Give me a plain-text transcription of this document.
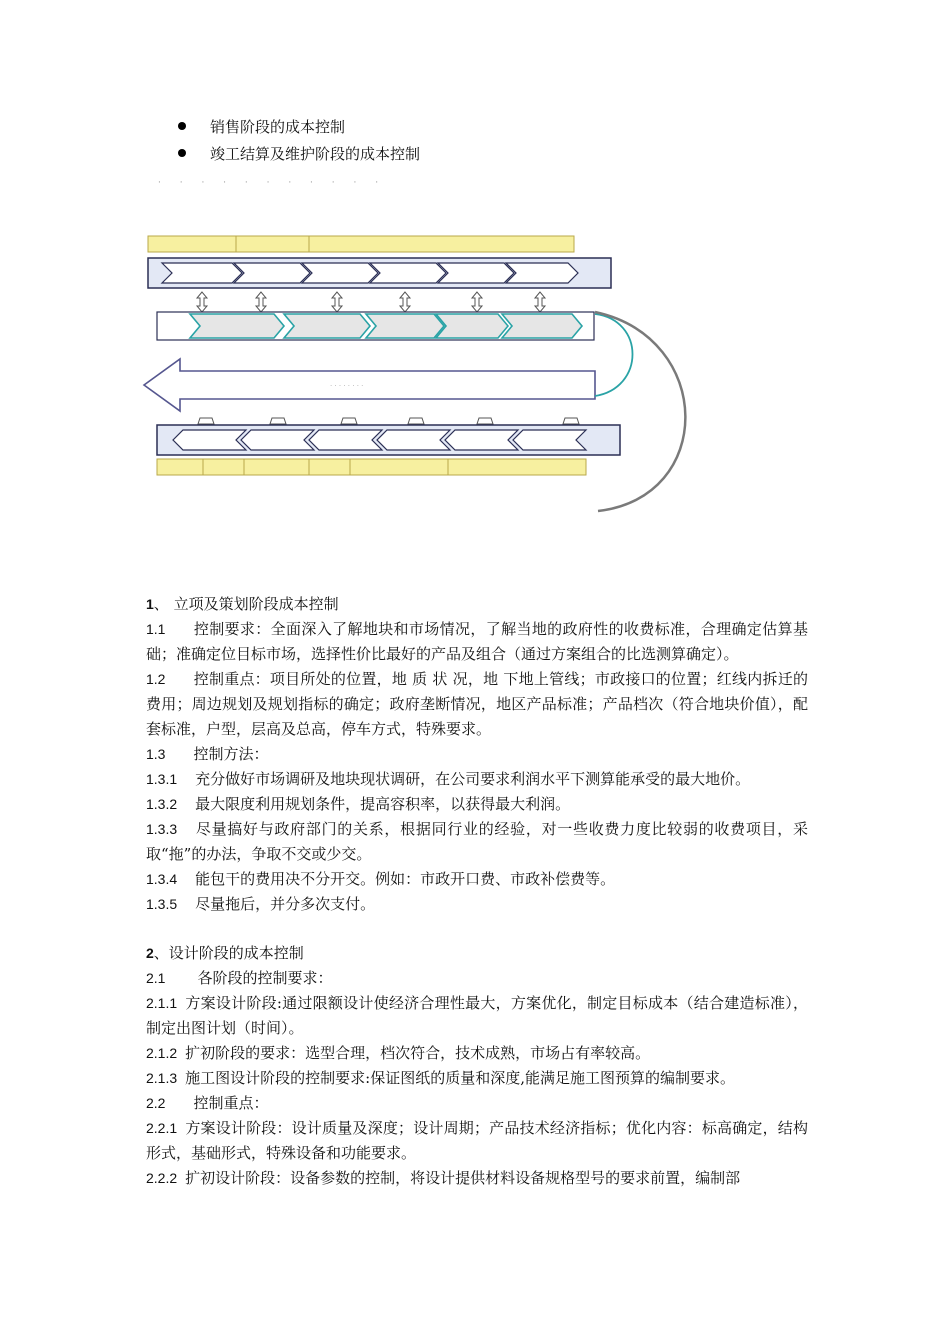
销售阶段的成本控制
竣工结算及维护阶段的成本控制
· · · · · · · · · · ·
· · · · · · · ·

1、 立项及策划阶段成本控制

1.1 控制要求：全面深入了解地块和市场情况，了解当地的政府性的收费标准，合理确定估算基础；准确定位目标市场，选择性价比最好的产品及组合（通过方案组合的比选测算确定）。

1.2 控制重点：项目所处的位置，地 质 状 况，地 下地上管线；市政接口的位置；红线内拆迁的费用；周边规划及规划指标的确定；政府垄断情况，地区产品标准；产品档次（符合地块价值），配套标准，户型，层高及总高，停车方式，特殊要求。

1.3 控制方法：

1.3.1 充分做好市场调研及地块现状调研，在公司要求利润水平下测算能承受的最大地价。

1.3.2 最大限度利用规划条件，提高容积率，以获得最大利润。

1.3.3 尽量搞好与政府部门的关系，根据同行业的经验，对一些收费力度比较弱的收费项目，采取“拖”的办法，争取不交或少交。

1.3.4 能包干的费用决不分开交。例如：市政开口费、市政补偿费等。

1.3.5 尽量拖后，并分多次支付。

2、设计阶段的成本控制

2.1 各阶段的控制要求：

2.1.1 方案设计阶段:通过限额设计使经济合理性最大，方案优化，制定目标成本（结合建造标准），制定出图计划（时间）。

2.1.2 扩初阶段的要求：选型合理，档次符合，技术成熟，市场占有率较高。

2.1.3 施工图设计阶段的控制要求:保证图纸的质量和深度,能满足施工图预算的编制要求。

2.2 控制重点：

2.2.1 方案设计阶段：设计质量及深度；设计周期；产品技术经济指标；优化内容：标高确定，结构形式，基础形式，特殊设备和功能要求。

2.2.2 扩初设计阶段：设备参数的控制，将设计提供材料设备规格型号的要求前置，编制部
